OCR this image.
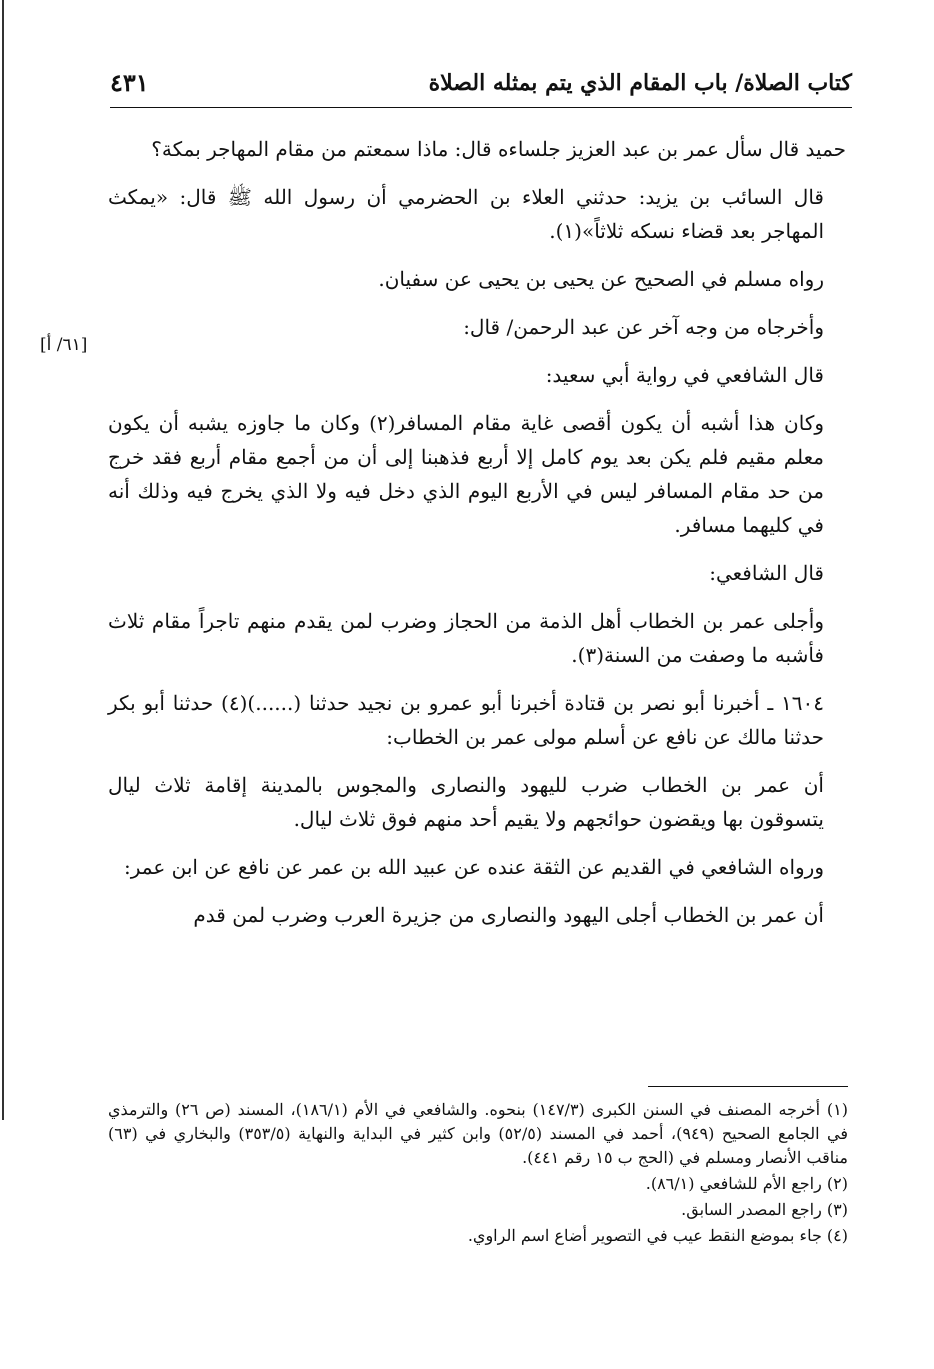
كتاب الصلاة/ باب المقام الذي يتم بمثله الصلاة
٤٣١
[٦١/ أ]

حميد قال سأل عمر بن عبد العزيز جلساءه قال: ماذا سمعتم من مقام المهاجر بمكة؟

قال السائب بن يزيد: حدثني العلاء بن الحضرمي أن رسول الله ﷺ قال: «يمكث المهاجر بعد قضاء نسكه ثلاثاً»(١).

رواه مسلم في الصحيح عن يحيى بن يحيى عن سفيان.

وأخرجاه من وجه آخر عن عبد الرحمن/ قال:

قال الشافعي في رواية أبي سعيد:

وكان هذا أشبه أن يكون أقصى غاية مقام المسافر(٢) وكان ما جاوزه يشبه أن يكون معلم مقيم فلم يكن بعد يوم كامل إلا أربع فذهبنا إلى أن من أجمع مقام أربع فقد خرج من حد مقام المسافر ليس في الأربع اليوم الذي دخل فيه ولا الذي يخرج فيه وذلك أنه في كليهما مسافر.

قال الشافعي:

وأجلى عمر بن الخطاب أهل الذمة من الحجاز وضرب لمن يقدم منهم تاجراً مقام ثلاث فأشبه ما وصفت من السنة(٣).

١٦٠٤ ـ أخبرنا أبو نصر بن قتادة أخبرنا أبو عمرو بن نجيد حدثنا (......)(٤) حدثنا أبو بكر حدثنا مالك عن نافع عن أسلم مولى عمر بن الخطاب:

أن عمر بن الخطاب ضرب لليهود والنصارى والمجوس بالمدينة إقامة ثلاث ليال يتسوقون بها ويقضون حوائجهم ولا يقيم أحد منهم فوق ثلاث ليال.

ورواه الشافعي في القديم عن الثقة عنده عن عبيد الله بن عمر عن نافع عن ابن عمر:

أن عمر بن الخطاب أجلى اليهود والنصارى من جزيرة العرب وضرب لمن قدم

(١) أخرجه المصنف في السنن الكبرى (١٤٧/٣) بنحوه. والشافعي في الأم (١٨٦/١)، المسند (ص ٢٦) والترمذي في الجامع الصحيح (٩٤٩)، أحمد في المسند (٥٢/٥) وابن كثير في البداية والنهاية (٣٥٣/٥) والبخاري في (٦٣) مناقب الأنصار ومسلم في (الحج ب ١٥ رقم ٤٤١).

(٢) راجع الأم للشافعي (٨٦/١).

(٣) راجع المصدر السابق.

(٤) جاء بموضع النقط عيب في التصوير أضاع اسم الراوي.
